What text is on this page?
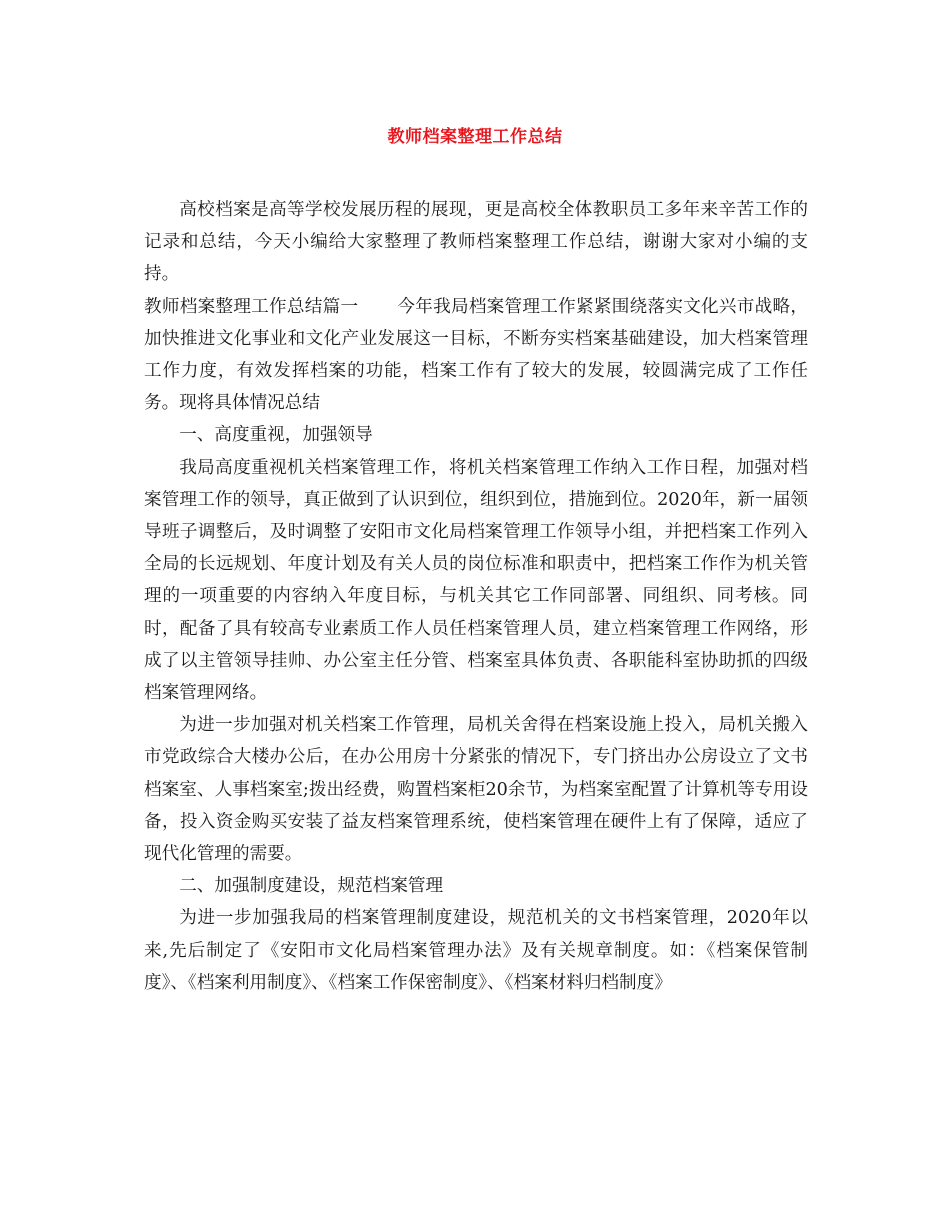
教师档案整理工作总结

高校档案是高等学校发展历程的展现，更是高校全体教职员工多年来辛苦工作的记录和总结，今天小编给大家整理了教师档案整理工作总结，谢谢大家对小编的支持。

教师档案整理工作总结篇一 今年我局档案管理工作紧紧围绕落实文化兴市战略，加快推进文化事业和文化产业发展这一目标，不断夯实档案基础建设，加大档案管理工作力度，有效发挥档案的功能，档案工作有了较大的发展，较圆满完成了工作任务。现将具体情况总结

一、高度重视，加强领导

我局高度重视机关档案管理工作，将机关档案管理工作纳入工作日程，加强对档案管理工作的领导，真正做到了认识到位，组织到位，措施到位。2020年，新一届领导班子调整后，及时调整了安阳市文化局档案管理工作领导小组，并把档案工作列入全局的长远规划、年度计划及有关人员的岗位标准和职责中，把档案工作作为机关管理的一项重要的内容纳入年度目标，与机关其它工作同部署、同组织、同考核。同时，配备了具有较高专业素质工作人员任档案管理人员，建立档案管理工作网络，形成了以主管领导挂帅、办公室主任分管、档案室具体负责、各职能科室协助抓的四级档案管理网络。

为进一步加强对机关档案工作管理，局机关舍得在档案设施上投入，局机关搬入市党政综合大楼办公后，在办公用房十分紧张的情况下，专门挤出办公房设立了文书档案室、人事档案室;拨出经费，购置档案柜20余节，为档案室配置了计算机等专用设备，投入资金购买安装了益友档案管理系统，使档案管理在硬件上有了保障，适应了现代化管理的需要。

二、加强制度建设，规范档案管理

为进一步加强我局的档案管理制度建设，规范机关的文书档案管理，2020年以来,先后制定了《安阳市文化局档案管理办法》及有关规章制度。如：《档案保管制度》、《档案利用制度》、《档案工作保密制度》、《档案材料归档制度》
